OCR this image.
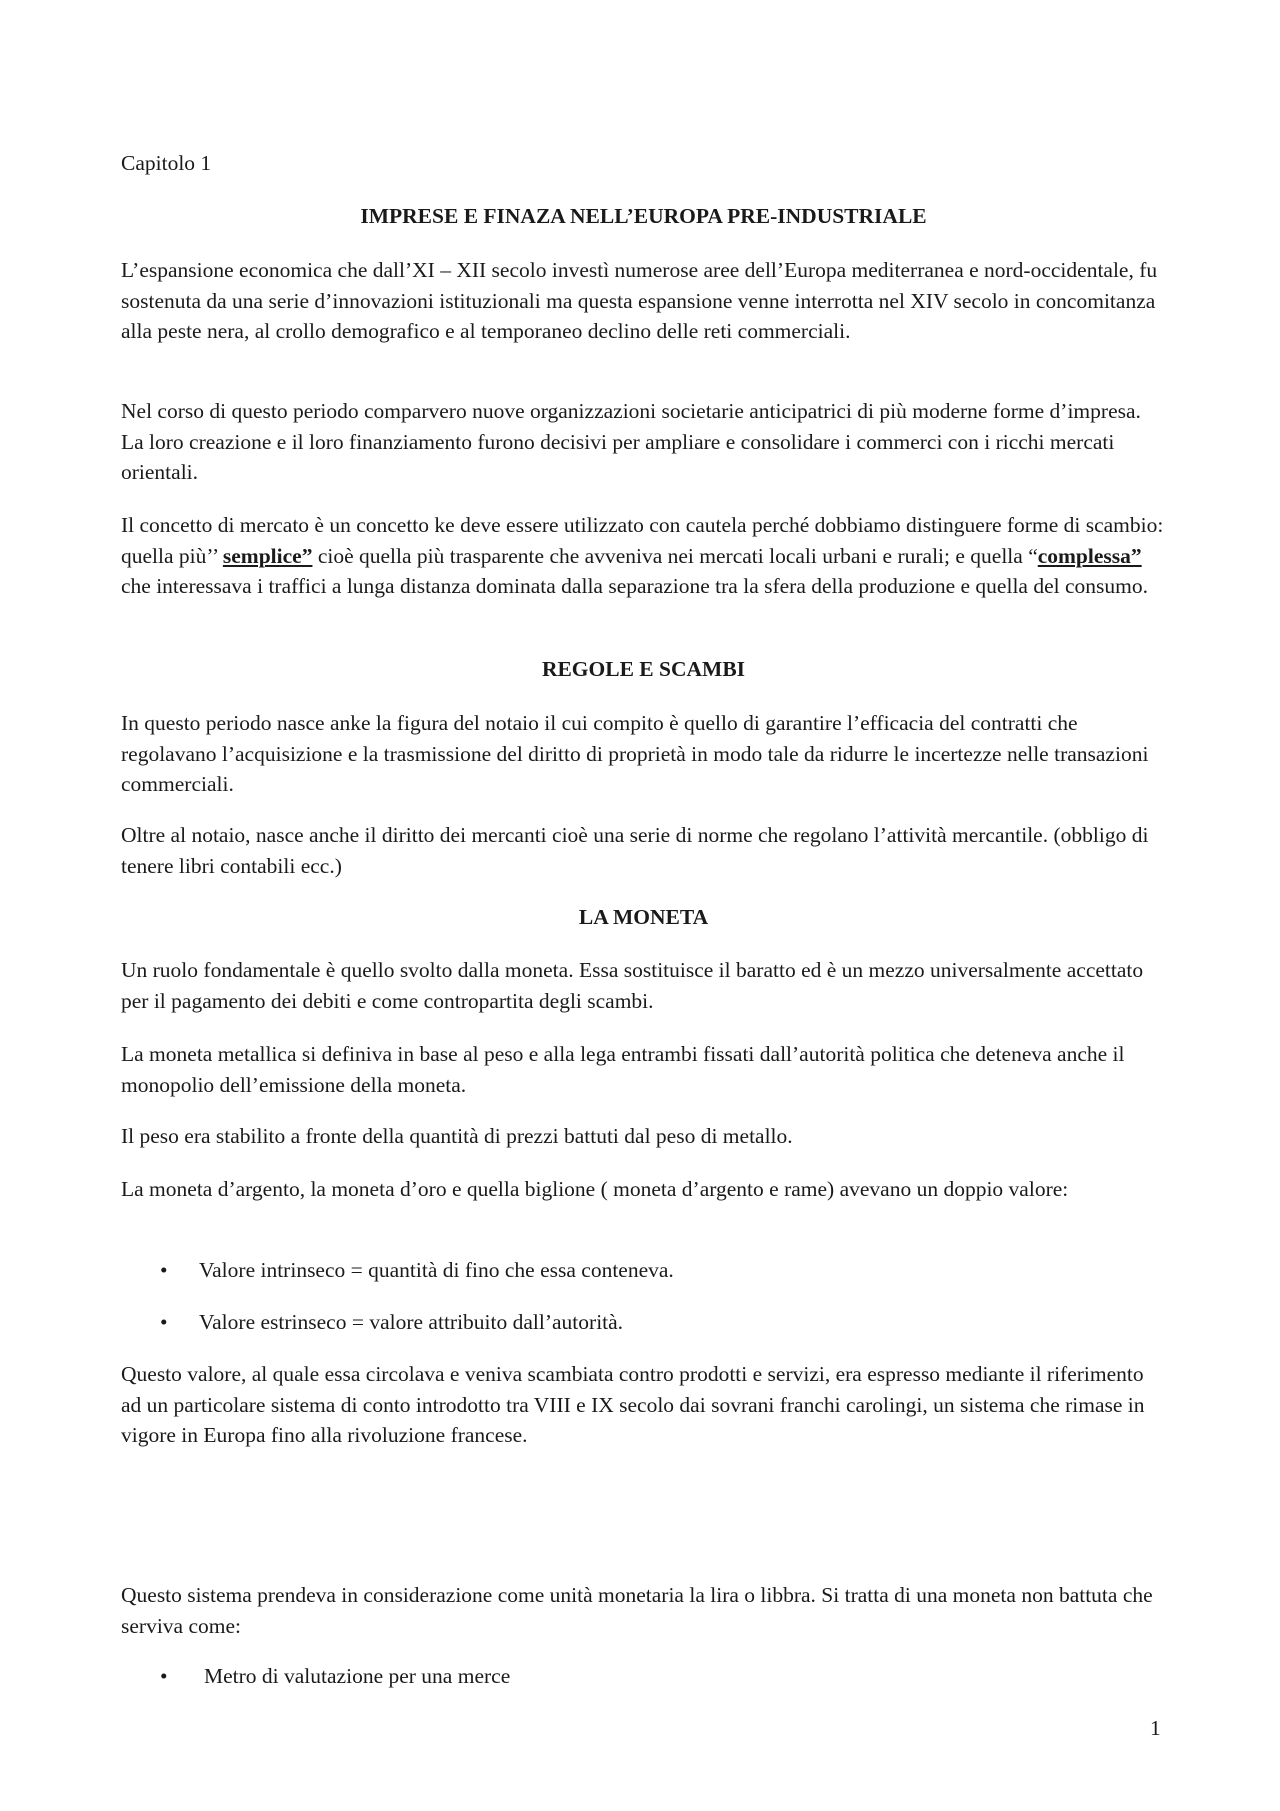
Capitolo 1

IMPRESE E FINAZA NELL’EUROPA PRE-INDUSTRIALE

L’espansione economica che dall’XI – XII secolo investì numerose aree dell’Europa mediterranea e nord-occidentale, fu sostenuta da una serie d’innovazioni istituzionali ma questa espansione venne interrotta nel XIV secolo in concomitanza alla peste nera, al crollo demografico e al temporaneo declino delle reti commerciali.

Nel corso di questo periodo comparvero nuove organizzazioni societarie anticipatrici di più moderne forme d’impresa. La loro creazione e il loro finanziamento furono decisivi per ampliare e consolidare i commerci con i ricchi mercati orientali.

Il concetto di mercato è un concetto ke deve essere utilizzato con cautela perché dobbiamo distinguere forme di scambio: quella più’’ semplice” cioè quella più trasparente che avveniva nei mercati locali urbani e rurali; e quella “complessa” che interessava i traffici a lunga distanza dominata dalla separazione tra la sfera della produzione e quella del consumo.

REGOLE E SCAMBI

In questo periodo nasce anke la figura del notaio il cui compito è quello di garantire l’efficacia del contratti che regolavano l’acquisizione e la trasmissione del diritto di proprietà in modo tale da ridurre le incertezze nelle transazioni commerciali.

Oltre al notaio, nasce anche il diritto dei mercanti cioè una serie di norme che regolano l’attività mercantile. (obbligo di tenere libri contabili ecc.)

LA MONETA

Un ruolo fondamentale è quello svolto dalla moneta. Essa sostituisce il baratto ed è un mezzo universalmente accettato per il pagamento dei debiti e come contropartita degli scambi.

La moneta metallica si definiva in base al peso e alla lega entrambi fissati dall’autorità politica che deteneva anche il monopolio dell’emissione della moneta.

Il peso era stabilito a fronte della quantità di prezzi battuti dal peso di metallo.

La moneta d’argento, la moneta d’oro e quella biglione ( moneta d’argento e rame) avevano un doppio valore:

• Valore intrinseco = quantità di fino che essa conteneva.
• Valore estrinseco = valore attribuito dall’autorità.

Questo valore, al quale essa circolava e veniva scambiata contro prodotti e servizi, era espresso mediante il riferimento ad un particolare sistema di conto introdotto tra VIII e IX secolo dai sovrani franchi carolingi, un sistema che rimase in vigore in Europa fino alla rivoluzione francese.

Questo sistema prendeva in considerazione come unità monetaria la lira o libbra. Si tratta di una moneta non battuta che serviva come:

• Metro di valutazione per una merce
1
